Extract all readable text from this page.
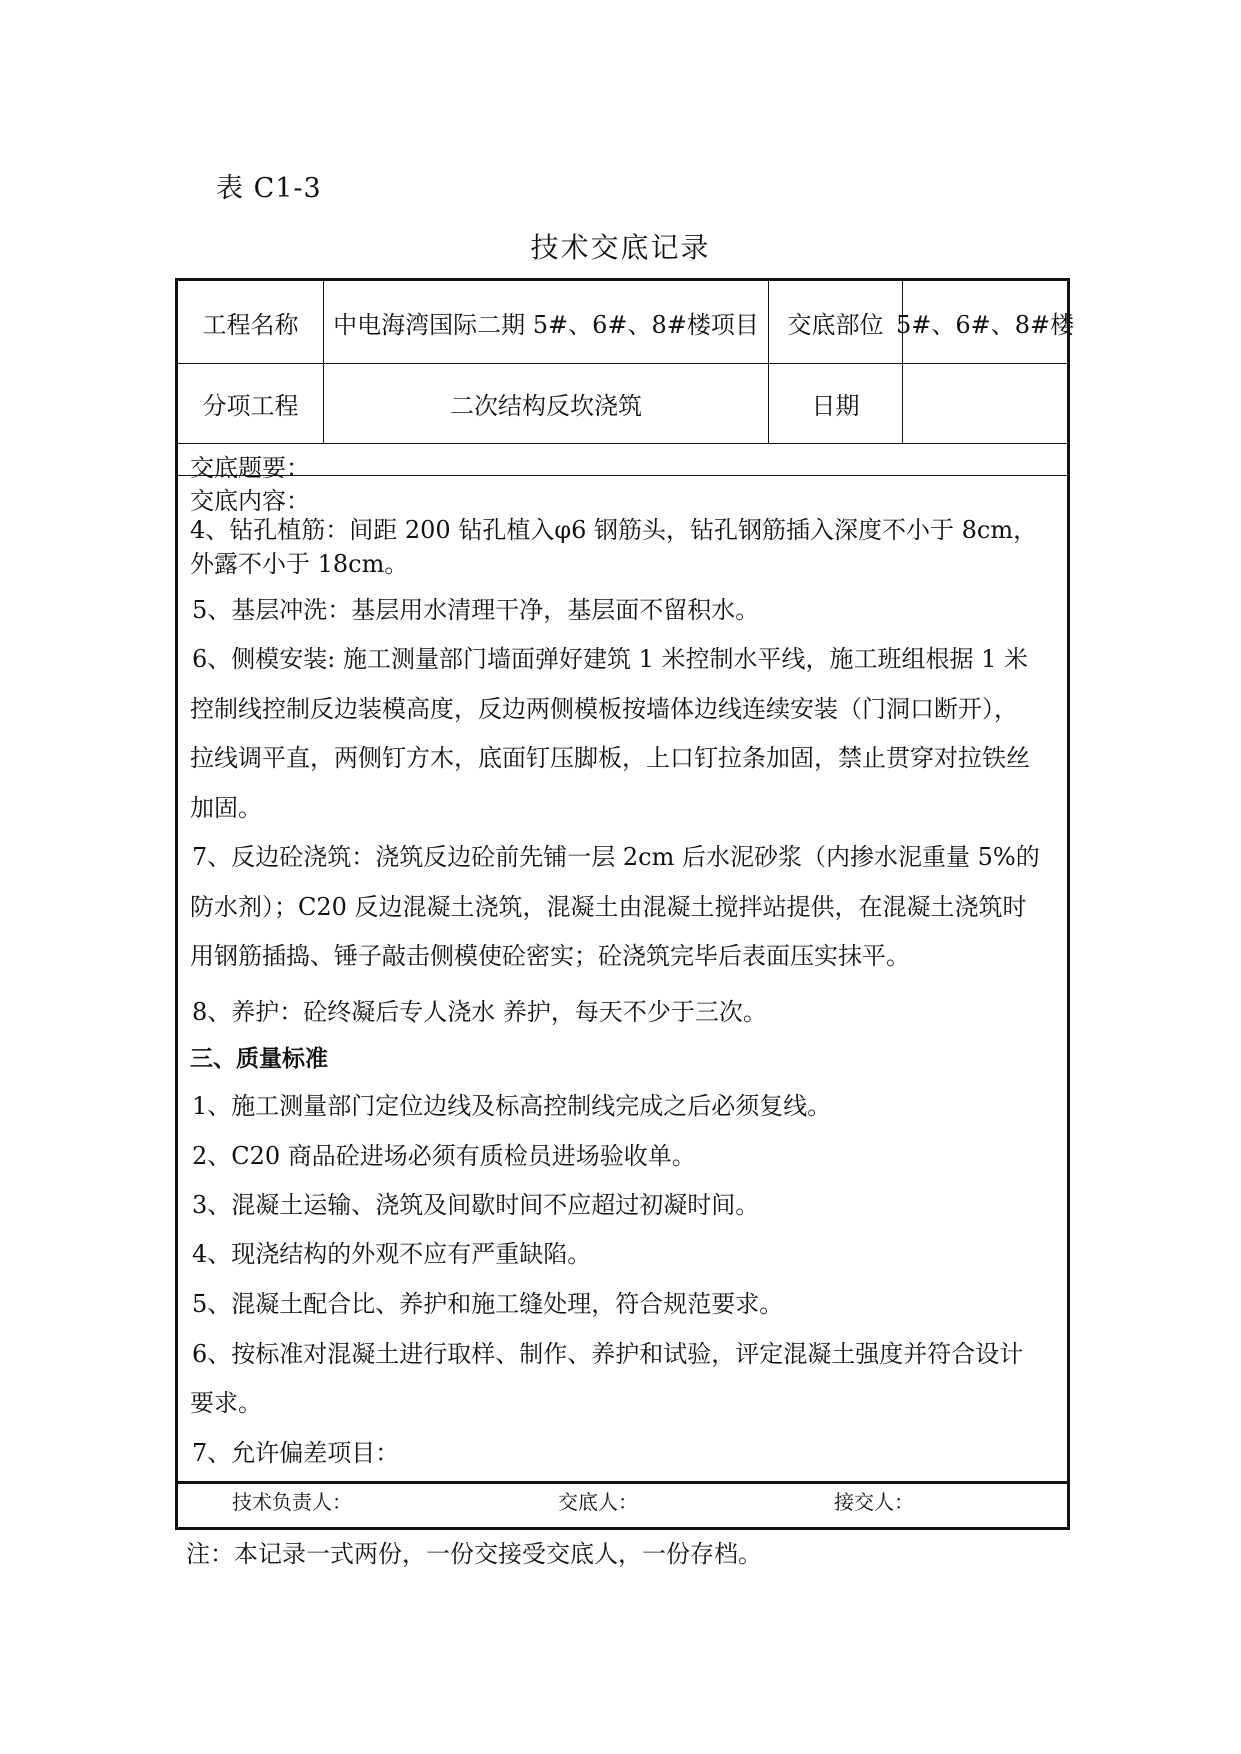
表 C1-3
技术交底记录
工程名称	中电海湾国际二期 5#、6#、8#楼项目	交底部位 5#、6#、8#楼
分项工程	二次结构反坎浇筑	日期
交底题要：
交底内容：
4、钻孔植筋：间距 200 钻孔植入φ6 钢筋头，钻孔钢筋插入深度不小于 8cm，外露不小于 18cm。
5、基层冲洗：基层用水清理干净，基层面不留积水。
6、侧模安装: 施工测量部门墙面弹好建筑 1 米控制水平线，施工班组根据 1 米
控制线控制反边装模高度，反边两侧模板按墙体边线连续安装（门洞口断开），
拉线调平直，两侧钉方木，底面钉压脚板，上口钉拉条加固，禁止贯穿对拉铁丝
加固。
7、反边砼浇筑：浇筑反边砼前先铺一层 2cm 后水泥砂浆（内掺水泥重量 5%的
防水剂）；C20 反边混凝土浇筑，混凝土由混凝土搅拌站提供，在混凝土浇筑时
用钢筋插捣、锤子敲击侧模使砼密实；砼浇筑完毕后表面压实抹平。
8、养护：砼终凝后专人浇水 养护，每天不少于三次。
三、质量标准
1、施工测量部门定位边线及标高控制线完成之后必须复线。
2、C20 商品砼进场必须有质检员进场验收单。
3、混凝土运输、浇筑及间歇时间不应超过初凝时间。
4、现浇结构的外观不应有严重缺陷。
5、混凝土配合比、养护和施工缝处理，符合规范要求。
6、按标准对混凝土进行取样、制作、养护和试验，评定混凝土强度并符合设计
要求。
7、允许偏差项目：
技术负责人：	交底人：	接交人：
注：本记录一式两份，一份交接受交底人，一份存档。
